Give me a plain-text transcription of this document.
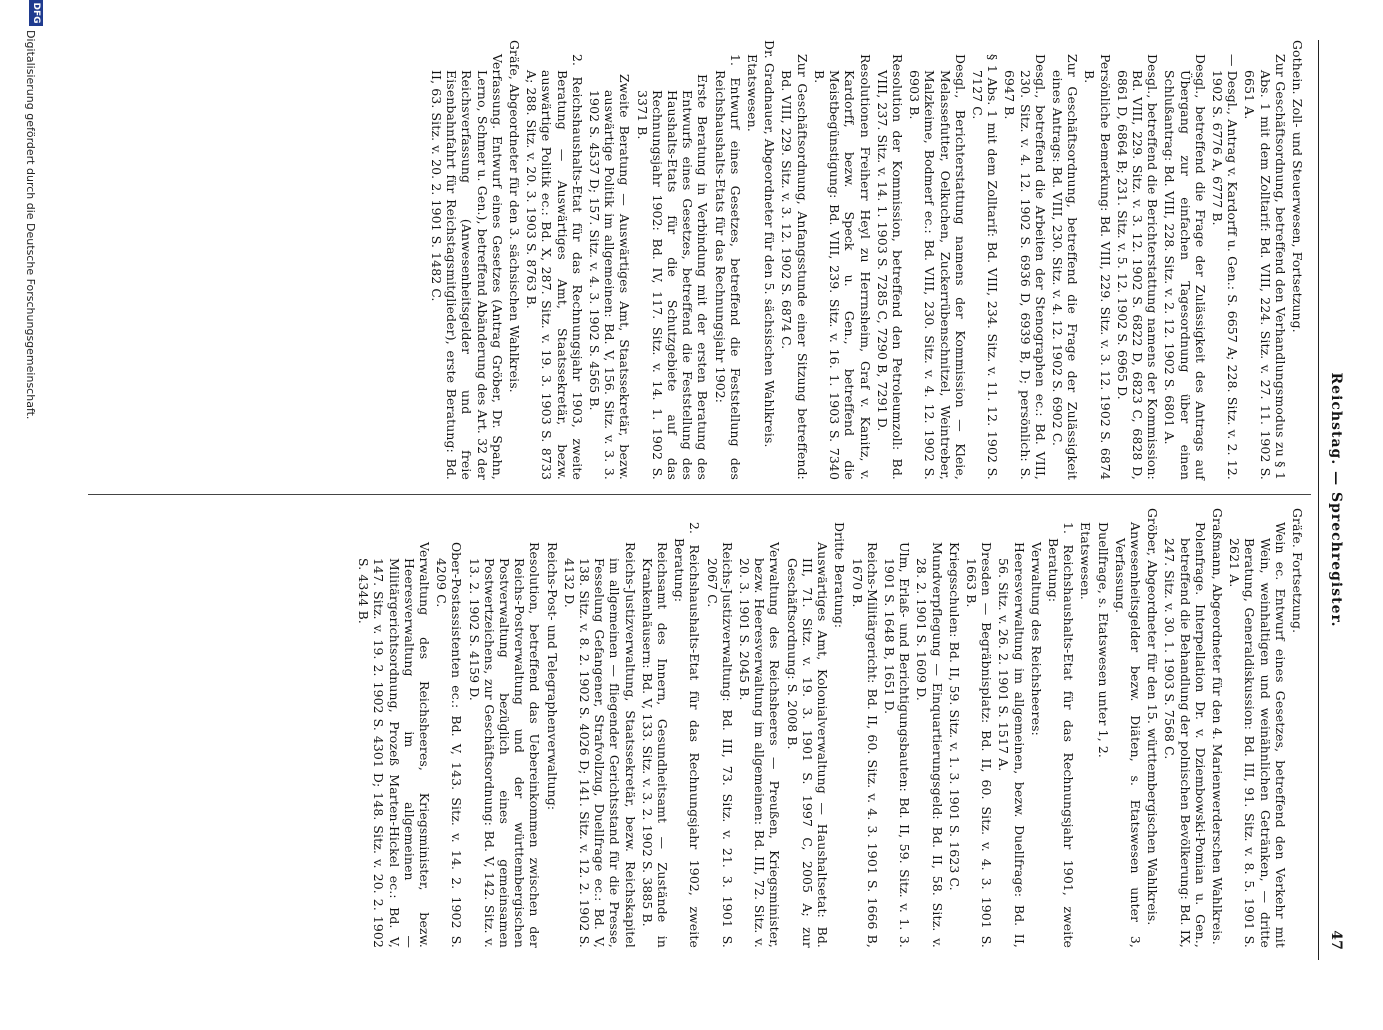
Reichstag. — Sprechregister.
47

Gothein. Zoll- und Steuerwesen, Fortsetzung.

Zur Geschäftsordnung, betreffend den Verhandlungsmodus zu § 1 Abs. 1 mit dem Zolltarif: Bd. VIII, 224. Sitz. v. 27. 11. 1902 S. 6651 A.

— Desgl., Antrag v. Kardorff u. Gen.: S. 6657 A; 228. Sitz. v. 2. 12. 1902 S. 6776 A, 6777 B.

Desgl., betreffend die Frage der Zulässigkeit des Antrags auf Übergang zur einfachen Tagesordnung über einen Schlußantrag: Bd. VIII, 228. Sitz. v. 2. 12. 1902 S. 6801 A.

Desgl., betreffend die Berichterstattung namens der Kommission: Bd. VIII, 229. Sitz. v. 3. 12. 1902 S. 6822 D, 6823 C, 6828 D, 6861 D, 6864 B; 231. Sitz. v. 5. 12. 1902 S. 6965 D.

Persönliche Bemerkung: Bd. VIII, 229. Sitz. v. 3. 12. 1902 S. 6874 B.

Zur Geschäftsordnung, betreffend die Frage der Zulässigkeit eines Antrags: Bd. VIII, 230. Sitz. v. 4. 12. 1902 S. 6902 C.

Desgl., betreffend die Arbeiten der Stenographen ec.: Bd. VIII, 230. Sitz. v. 4. 12. 1902 S. 6936 D, 6939 B, D; persönlich: S. 6947 B.

§ 1 Abs. 1 mit dem Zolltarif: Bd. VIII, 234. Sitz. v. 11. 12. 1902 S. 7127 C.

Desgl., Berichterstattung namens der Kommission — Kleie, Melassefutter, Oelkuchen, Zuckerrübenschnitzel, Weintreber, Malzkeime, Bodmerf ec.: Bd. VIII, 230. Sitz. v. 4. 12. 1902 S. 6903 B.

Resolution der Kommission, betreffend den Petroleumzoll: Bd. VIII, 237. Sitz. v. 14. 1. 1903 S. 7285 C, 7290 B, 7291 D.

Resolutionen Freiherr Heyl zu Herrnsheim, Graf v. Kanitz, v. Kardorff, bezw. Speck u. Gen., betreffend die Meistbegünstigung: Bd. VIII, 239. Sitz. v. 16. 1. 1903 S. 7340 B.

Zur Geschäftsordnung, Anfangsstunde einer Sitzung betreffend: Bd. VIII, 229. Sitz. v. 3. 12. 1902 S. 6874 C.

Dr. Gradnauer, Abgeordneter für den 5. sächsischen Wahlkreis.

Etatswesen.

1. Entwurf eines Gesetzes, betreffend die Feststellung des Reichshaushalts-Etats für das Rechnungsjahr 1902:

Erste Beratung in Verbindung mit der ersten Beratung des Entwurfs eines Gesetzes, betreffend die Feststellung des Haushalts-Etats für die Schutzgebiete auf das Rechnungsjahr 1902: Bd. IV, 117. Sitz. v. 14. 1. 1902 S. 3371 B.

Zweite Beratung — Auswärtiges Amt, Staatssekretär, bezw. auswärtige Politik im allgemeinen: Bd. V, 156. Sitz. v. 3. 3. 1902 S. 4537 D; 157. Sitz. v. 4. 3. 1902 S. 4565 B.

2. Reichshaushalts-Etat für das Rechnungsjahr 1903, zweite Beratung — Auswärtiges Amt, Staatssekretär, bezw. auswärtige Politik ec.: Bd. X, 287. Sitz. v. 19. 3. 1903 S. 8733 A; 288. Sitz. v. 20. 3. 1903 S. 8763 B.

Gräfe, Abgeordneter für den 3. sächsischen Wahlkreis.

Verfassung. Entwurf eines Gesetzes (Antrag Gröber, Dr. Spahn, Lerno, Schmer u. Gen.), betreffend Abänderung des Art. 32 der Reichsverfassung (Anwesenheitsgelder und freie Eisenbahnfahrt für Reichstagsmitglieder), erste Beratung: Bd. II, 63. Sitz. v. 20. 2. 1901 S. 1482 C.

Gräfe. Fortsetzung.

Wein ec. Entwurf eines Gesetzes, betreffend den Verkehr mit Wein, weinhaltigen und weinähnlichen Getränken, — dritte Beratung, Generaldiskussion: Bd. III, 91. Sitz. v. 8. 5. 1901 S. 2621 A.

Graßmann, Abgeordneter für den 4. Marienwerderschen Wahlkreis.

Polenfrage. Interpellation Dr. v. Dziembowski-Pomian u. Gen., betreffend die Behandlung der polnischen Bevölkerung: Bd. IX, 247. Sitz. v. 30. 1. 1903 S. 7568 C.

Gröber, Abgeordneter für den 15. württembergischen Wahlkreis.

Anwesenheitsgelder bezw. Diäten, s. Etatswesen unter 3, Verfassung.

Duellfrage, s. Etatswesen unter 1, 2.

Etatswesen.

1. Reichshaushalts-Etat für das Rechnungsjahr 1901, zweite Beratung:

Verwaltung des Reichsheeres:

Heeresverwaltung im allgemeinen, bezw. Duellfrage: Bd. II, 56. Sitz. v. 26. 2. 1901 S. 1517 A.

Dresden — Begräbnisplatz: Bd. II, 60. Sitz. v. 4. 3. 1901 S. 1663 B.

Kriegsschulen: Bd. II, 59. Sitz. v. 1. 3. 1901 S. 1623 C.

Mundverpflegung — Einquartierungsgeld: Bd. II, 58. Sitz. v. 28. 2. 1901 S. 1609 D.

Ulm, Erlaß- und Berichtigungsbauten: Bd. II, 59. Sitz. v. 1. 3. 1901 S. 1648 B, 1651 D.

Reichs-Militärgericht: Bd. II, 60. Sitz. v. 4. 3. 1901 S. 1666 B, 1670 B.

Dritte Beratung:

Auswärtiges Amt, Kolonialverwaltung — Haushaltsetat: Bd. III, 71. Sitz. v. 19. 3. 1901 S. 1997 C, 2005 A; zur Geschäftsordnung: S. 2008 B.

Verwaltung des Reichsheeres — Preußen, Kriegsminister, bezw. Heeresverwaltung im allgemeinen: Bd. III, 72. Sitz. v. 20. 3. 1901 S. 2045 B.

Reichs-Justizverwaltung: Bd. III, 73. Sitz. v. 21. 3. 1901 S. 2067 C.

2. Reichshaushalts-Etat für das Rechnungsjahr 1902, zweite Beratung:

Reichsamt des Innern, Gesundheitsamt — Zustände in Krankenhäusern: Bd. V, 133. Sitz. v. 3. 2. 1902 S. 3885 B.

Reichs-Justizverwaltung, Staatssekretär, bezw. Reichskapitel im allgemeinen — fliegender Gerichtsstand für die Presse, Fesselung Gefangener, Strafvollzug, Duellfrage ec.: Bd. V, 138. Sitz. v. 8. 2. 1902 S. 4026 D; 141. Sitz. v. 12. 2. 1902 S. 4132 D.

Reichs-Post- und Telegraphenverwaltung:

Resolution, betreffend das Uebereinkommen zwischen der Reichs-Postverwaltung und der württembergischen Postverwaltung bezüglich eines gemeinsamen Postwertzeichens, zur Geschäftsordnung: Bd. V, 142. Sitz. v. 13. 2. 1902 S. 4159 D.

Ober-Postassistenten ec.: Bd. V, 143. Sitz. v. 14. 2. 1902 S. 4209 C.

Verwaltung des Reichsheeres, Kriegsminister, bezw. Heeresverwaltung im allgemeinen — Militärgerichtsordnung, Prozeß Marten-Hickel ec.: Bd. V, 147. Sitz. v. 19. 2. 1902 S. 4301 D; 148. Sitz. v. 20. 2. 1902 S. 4344 B.

DFG
Digitalisierung gefördert durch die Deutsche Forschungsgemeinschaft.
